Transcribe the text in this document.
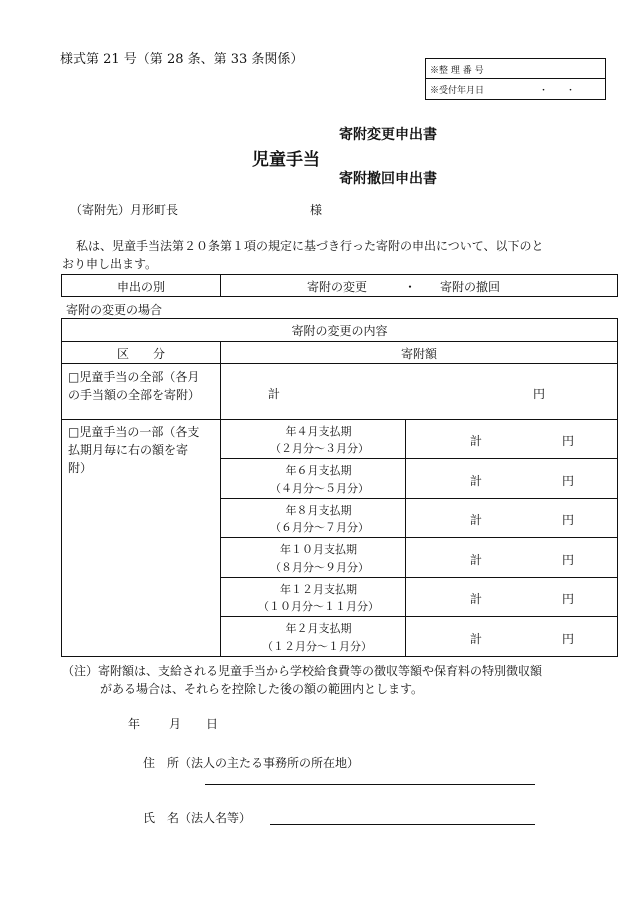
様式第 21 号（第 28 条、第 33 条関係）
※整 理 番 号
※受付年月日	・　　・
寄附変更申出書
児童手当
寄附撤回申出書
（寄附先）月形町長	様
私は、児童手当法第２０条第１項の規定に基づき行った寄附の申出について、以下のと
おり申し出ます。
申出の別	寄附の変更	・ 寄附の撤回
寄附の変更の場合
寄附の変更の内容
区　　分	寄附額
□児童手当の全部（各月
の手当額の全部を寄附）	計	円
□児童手当の一部（各支
払期月毎に右の額を寄
附）
年４月支払期
（２月分～３月分）
計	円
年６月支払期
（４月分～５月分）
計	円
年８月支払期
（６月分～７月分）
計	円
年１０月支払期
（８月分～９月分）
計	円
年１２月支払期
（１０月分～１１月分）
計	円
年２月支払期
（１２月分～１月分）
計	円
（注）寄附額は、支給される児童手当から学校給食費等の徴収等額や保育料の特別徴収額
がある場合は、それらを控除した後の額の範囲内とします。
年 月 日
住　所（法人の主たる事務所の所在地）
氏　名（法人名等）
